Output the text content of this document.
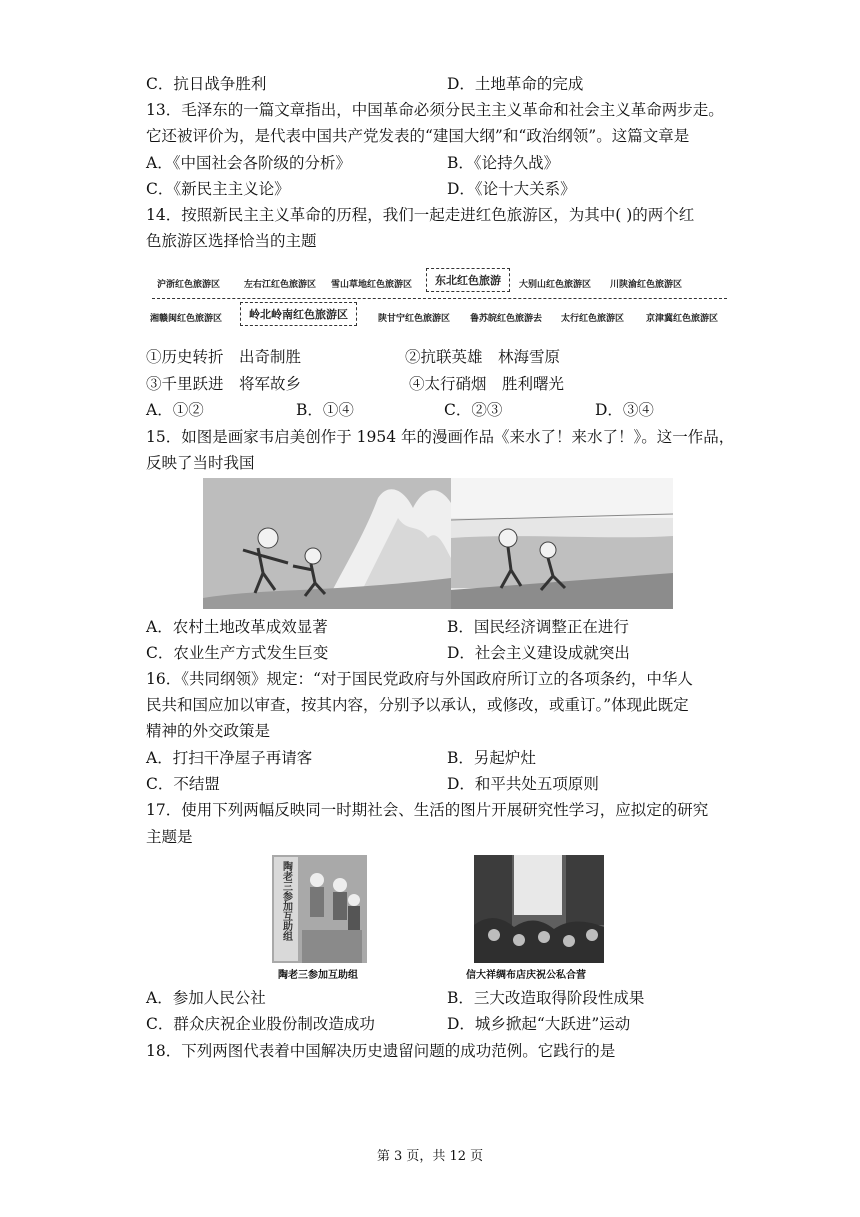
C．抗日战争胜利	D．土地革命的完成
13．毛泽东的一篇文章指出，中国革命必须分民主主义革命和社会主义革命两步走。
它还被评价为，是代表中国共产党发表的“建国大纲”和“政治纲领”。这篇文章是
A．《中国社会各阶级的分析》	B．《论持久战》
C．《新民主主义论》	D．《论十大关系》
14．按照新民主主义革命的历程，我们一起走进红色旅游区，为其中( )的两个红
色旅游区选择恰当的主题
沪浙红色旅游区	左右江红色旅游区 雪山草地红色旅游区	东北红色旅游	大别山红色旅游区 川陕渝红色旅游区
湘赣闽红色旅游区	岭北岭南红色旅游区	陕甘宁红色旅游区 鲁苏皖红色旅游去 太行红色旅游区 京津冀红色旅游区
①历史转折　出奇制胜	②抗联英雄　林海雪原
③千里跃进　将军故乡	④太行硝烟　胜利曙光
A．①②	B．①④	C．②③	D．③④
15．如图是画家韦启美创作于 1954 年的漫画作品《来水了！来水了！》。这一作品，
反映了当时我国
A．农村土地改革成效显著	B．国民经济调整正在进行
C．农业生产方式发生巨变	D．社会主义建设成就突出
16．《共同纲领》规定：“对于国民党政府与外国政府所订立的各项条约，中华人
民共和国应加以审查，按其内容，分别予以承认，或修改，或重订。”体现此既定
精神的外交政策是
A．打扫干净屋子再请客	B．另起炉灶
C．不结盟	D．和平共处五项原则
17．使用下列两幅反映同一时期社会、生活的图片开展研究性学习，应拟定的研究
主题是
陶老三参加互助组
陶老三参加互助组	信大祥绸布店庆祝公私合营
A．参加人民公社	B．三大改造取得阶段性成果
C．群众庆祝企业股份制改造成功	D．城乡掀起“大跃进”运动
18．下列两图代表着中国解决历史遗留问题的成功范例。它践行的是
第 3 页，共 12 页
